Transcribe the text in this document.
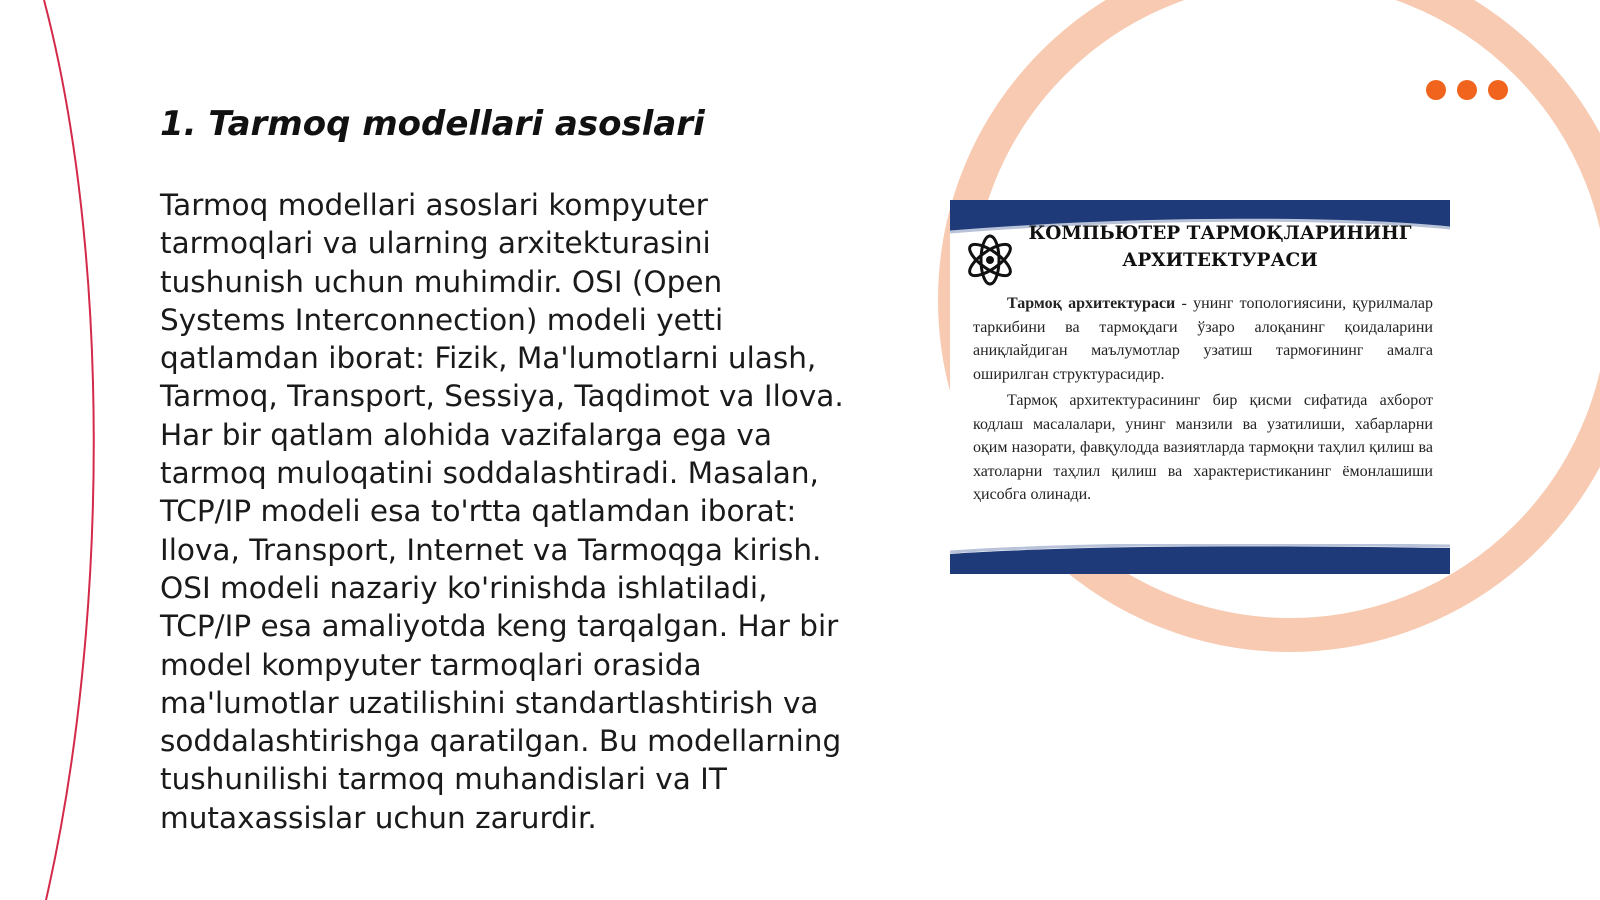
1. Tarmoq modellari asoslari

Tarmoq modellari asoslari kompyuter tarmoqlari va ularning arxitekturasini tushunish uchun muhimdir. OSI (Open Systems Interconnection) modeli yetti qatlamdan iborat: Fizik, Ma'lumotlarni ulash, Tarmoq, Transport, Sessiya, Taqdimot va Ilova. Har bir qatlam alohida vazifalarga ega va tarmoq muloqatini soddalashtiradi. Masalan, TCP/IP modeli esa to'rtta qatlamdan iborat: Ilova, Transport, Internet va Tarmoqga kirish. OSI modeli nazariy ko'rinishda ishlatiladi, TCP/IP esa amaliyotda keng tarqalgan. Har bir model kompyuter tarmoqlari orasida ma'lumotlar uzatilishini standartlashtirish va soddalashtirishga qaratilgan. Bu modellarning tushunilishi tarmoq muhandislari va IT mutaxassislar uchun zarurdir.

КОМПЬЮТЕР ТАРМОҚЛАРИНИНГ АРХИТЕКТУРАСИ

Тармоқ архитектураси - унинг топологиясини, қурилмалар таркибини ва тармоқдаги ўзаро алоқанинг қоидаларини аниқлайдиган маълумотлар узатиш тармоғининг амалга оширилган структурасидир.

Тармоқ архитектурасининг бир қисми сифатида ахборот кодлаш масалалари, унинг манзили ва узатилиши, хабарларни оқим назорати, фавқулодда вазиятларда тармоқни таҳлил қилиш ва хатоларни таҳлил қилиш ва характеристиканинг ёмонлашиши ҳисобга олинади.
